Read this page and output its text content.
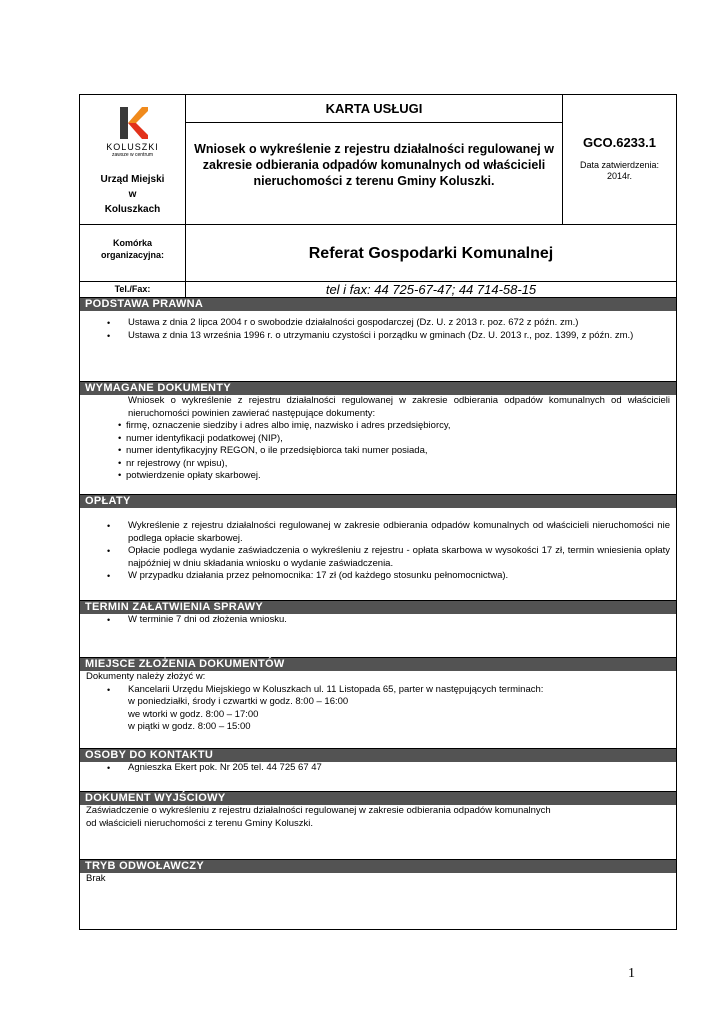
KOLUSZKI
zawsze w centrum
Urząd Miejski
w
Koluszkach
KARTA USŁUGI
Wniosek o wykreślenie z rejestru działalności regulowanej w zakresie odbierania odpadów komunalnych od właścicieli nieruchomości z terenu Gminy Koluszki.
GCO.6233.1
Data zatwierdzenia:
2014r.
Komórka
organizacyjna:	Referat Gospodarki Komunalnej
Tel./Fax:	tel i fax: 44 725-67-47; 44 714-58-15
PODSTAWA PRAWNA
• Ustawa z dnia 2 lipca 2004 r o swobodzie działalności gospodarczej (Dz. U. z 2013 r. poz. 672 z późn. zm.)
• Ustawa z dnia 13 września 1996 r. o utrzymaniu czystości i porządku w gminach (Dz. U. 2013 r., poz. 1399, z późn. zm.)
WYMAGANE DOKUMENTY
Wniosek o wykreślenie z rejestru działalności regulowanej w zakresie odbierania odpadów komunalnych od właścicieli nieruchomości powinien zawierać następujące dokumenty:
• firmę, oznaczenie siedziby i adres albo imię, nazwisko i adres przedsiębiorcy,
• numer identyfikacji podatkowej (NIP),
• numer identyfikacyjny REGON, o ile przedsiębiorca taki numer posiada,
• nr rejestrowy (nr wpisu),
• potwierdzenie opłaty skarbowej.
OPŁATY
• Wykreślenie z rejestru działalności regulowanej w zakresie odbierania odpadów komunalnych od właścicieli nieruchomości nie podlega opłacie skarbowej.
• Opłacie podlega wydanie zaświadczenia o wykreśleniu z rejestru - opłata skarbowa w wysokości 17 zł, termin wniesienia opłaty najpóźniej w dniu składania wniosku o wydanie zaświadczenia.
• W przypadku działania przez pełnomocnika: 17 zł (od każdego stosunku pełnomocnictwa).
TERMIN ZAŁATWIENIA SPRAWY
• W terminie 7 dni od złożenia wniosku.
MIEJSCE ZŁOŻENIA DOKUMENTÓW
Dokumenty należy złożyć w:
• Kancelarii Urzędu Miejskiego w Koluszkach ul. 11 Listopada 65, parter w następujących terminach:
w poniedziałki, środy i czwartki w godz. 8:00 – 16:00
we wtorki w godz. 8:00 – 17:00
w piątki w godz. 8:00 – 15:00
OSOBY DO KONTAKTU
• Agnieszka Ekert pok. Nr 205 tel. 44 725 67 47
DOKUMENT WYJŚCIOWY
Zaświadczenie o wykreśleniu z rejestru działalności regulowanej w zakresie odbierania odpadów komunalnych
od właścicieli nieruchomości z terenu Gminy Koluszki.
TRYB ODWOŁAWCZY
Brak
1
